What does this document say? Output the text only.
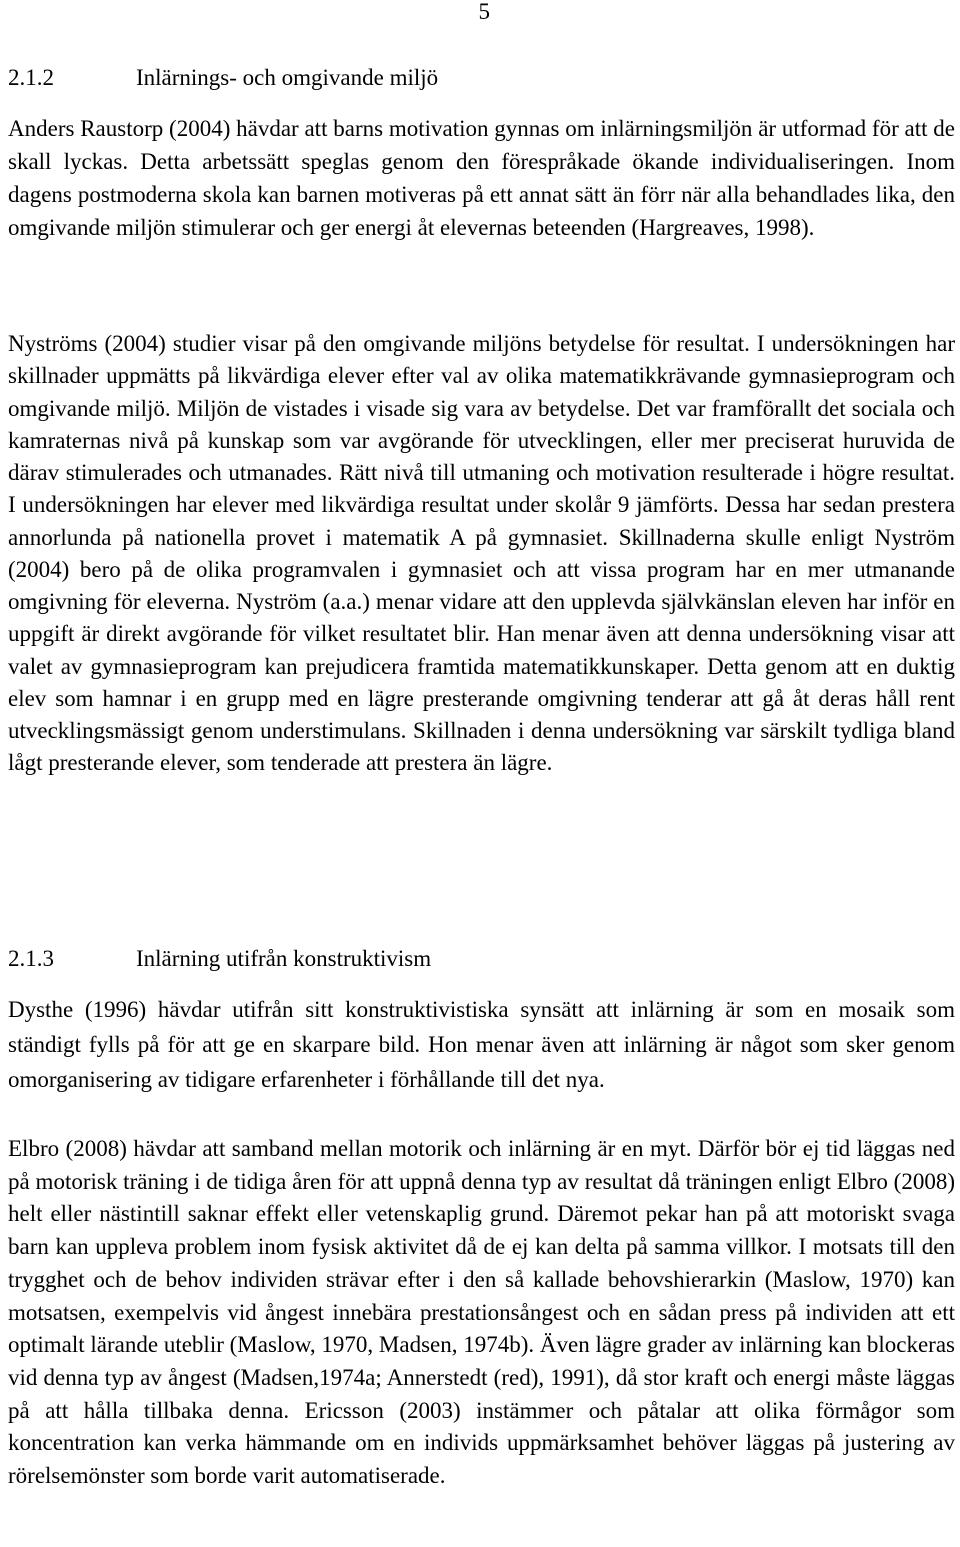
5
2.1.2	Inlärnings- och omgivande miljö

Anders Raustorp (2004) hävdar att barns motivation gynnas om inlärningsmiljön är utformad för att de skall lyckas. Detta arbetssätt speglas genom den förespråkade ökande individualiseringen. Inom dagens postmoderna skola kan barnen motiveras på ett annat sätt än förr när alla behandlades lika, den omgivande miljön stimulerar och ger energi åt elevernas beteenden (Hargreaves, 1998).

Nyströms (2004) studier visar på den omgivande miljöns betydelse för resultat. I undersökningen har skillnader uppmätts på likvärdiga elever efter val av olika matematikkrävande gymnasieprogram och omgivande miljö. Miljön de vistades i visade sig vara av betydelse. Det var framförallt det sociala och kamraternas nivå på kunskap som var avgörande för utvecklingen, eller mer preciserat huruvida de därav stimulerades och utmanades. Rätt nivå till utmaning och motivation resulterade i högre resultat. I undersökningen har elever med likvärdiga resultat under skolår 9 jämförts. Dessa har sedan prestera annorlunda på nationella provet i matematik A på gymnasiet. Skillnaderna skulle enligt Nyström (2004) bero på de olika programvalen i gymnasiet och att vissa program har en mer utmanande omgivning för eleverna. Nyström (a.a.) menar vidare att den upplevda självkänslan eleven har inför en uppgift är direkt avgörande för vilket resultatet blir. Han menar även att denna undersökning visar att valet av gymnasieprogram kan prejudicera framtida matematikkunskaper. Detta genom att en duktig elev som hamnar i en grupp med en lägre presterande omgivning tenderar att gå åt deras håll rent utvecklingsmässigt genom understimulans. Skillnaden i denna undersökning var särskilt tydliga bland lågt presterande elever, som tenderade att prestera än lägre.

2.1.3	Inlärning utifrån konstruktivism

Dysthe (1996) hävdar utifrån sitt konstruktivistiska synsätt att inlärning är som en mosaik som ständigt fylls på för att ge en skarpare bild. Hon menar även att inlärning är något som sker genom omorganisering av tidigare erfarenheter i förhållande till det nya.

Elbro (2008) hävdar att samband mellan motorik och inlärning är en myt. Därför bör ej tid läggas ned på motorisk träning i de tidiga åren för att uppnå denna typ av resultat då träningen enligt Elbro (2008) helt eller nästintill saknar effekt eller vetenskaplig grund. Däremot pekar han på att motoriskt svaga barn kan uppleva problem inom fysisk aktivitet då de ej kan delta på samma villkor. I motsats till den trygghet och de behov individen strävar efter i den så kallade behovshierarkin (Maslow, 1970) kan motsatsen, exempelvis vid ångest innebära prestationsångest och en sådan press på individen att ett optimalt lärande uteblir (Maslow, 1970, Madsen, 1974b). Även lägre grader av inlärning kan blockeras vid denna typ av ångest (Madsen,1974a; Annerstedt (red), 1991), då stor kraft och energi måste läggas på att hålla tillbaka denna. Ericsson (2003) instämmer och påtalar att olika förmågor som koncentration kan verka hämmande om en individs uppmärksamhet behöver läggas på justering av rörelsemönster som borde varit automatiserade.
